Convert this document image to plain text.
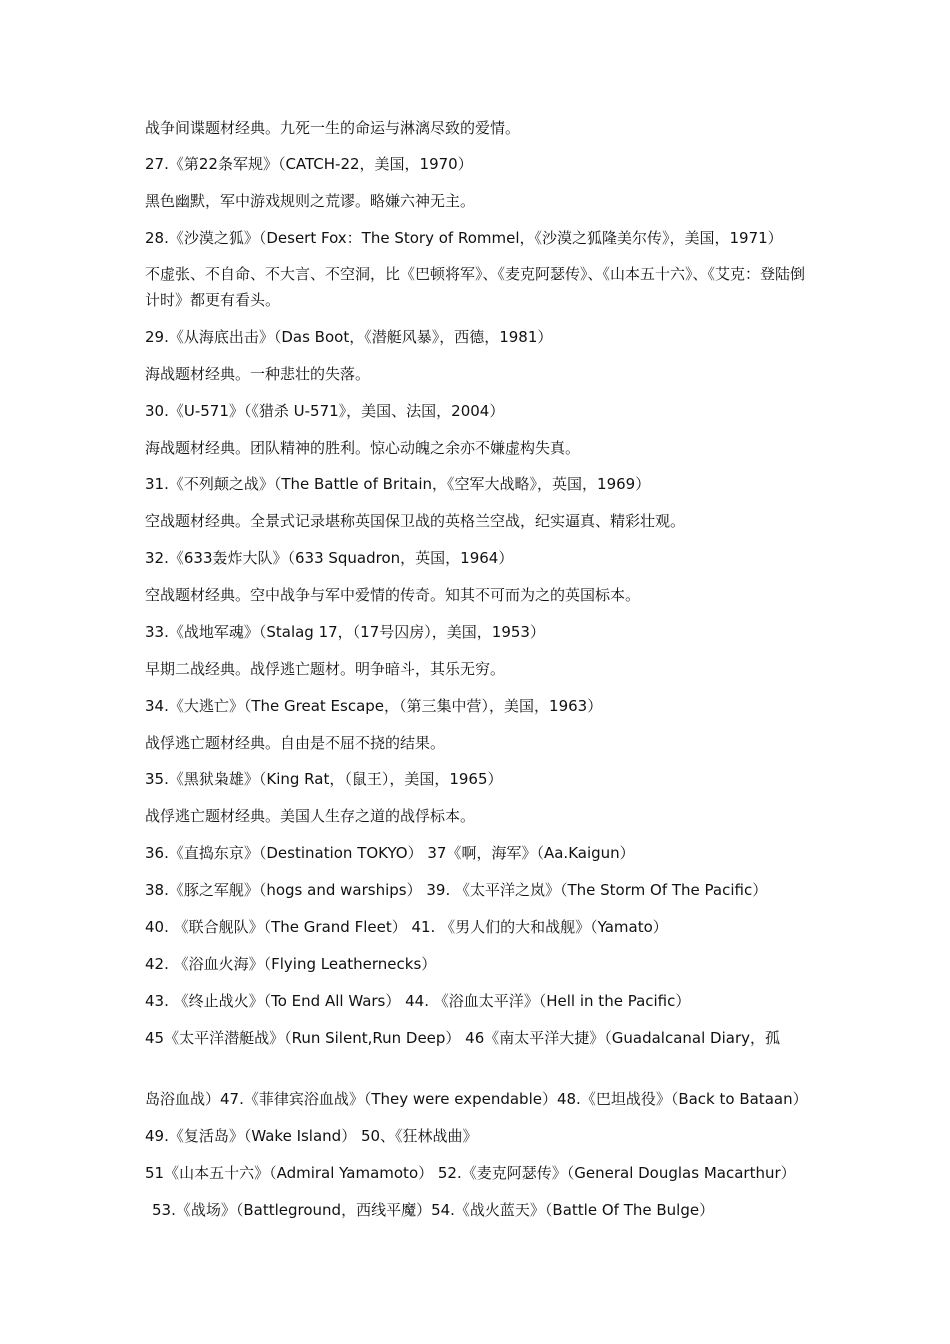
战争间谍题材经典。九死一生的命运与淋漓尽致的爱情。
27.《第22条军规》（CATCH-22，美国，1970）
黑色幽默，军中游戏规则之荒谬。略嫌六神无主。
28.《沙漠之狐》（Desert Fox：The Story of Rommel，《沙漠之狐隆美尔传》，美国，1971）
不虚张、不自命、不大言、不空洞，比《巴顿将军》、《麦克阿瑟传》、《山本五十六》、《艾克：登陆倒计时》都更有看头。
29.《从海底出击》（Das Boot，《潜艇风暴》，西德，1981）
海战题材经典。一种悲壮的失落。
30.《U-571》（《猎杀 U-571》，美国、法国，2004）
海战题材经典。团队精神的胜利。惊心动魄之余亦不嫌虚构失真。
31.《不列颠之战》（The Battle of Britain，《空军大战略》，英国，1969）
空战题材经典。全景式记录堪称英国保卫战的英格兰空战，纪实逼真、精彩壮观。
32.《633轰炸大队》（633 Squadron，英国，1964）
空战题材经典。空中战争与军中爱情的传奇。知其不可而为之的英国标本。
33.《战地军魂》（Stalag 17，（17号囚房），美国，1953）
早期二战经典。战俘逃亡题材。明争暗斗，其乐无穷。
34.《大逃亡》（The Great Escape，（第三集中营），美国，1963）
战俘逃亡题材经典。自由是不屈不挠的结果。
35.《黑狱枭雄》（King Rat，（鼠王），美国，1965）
战俘逃亡题材经典。美国人生存之道的战俘标本。
36.《直捣东京》（Destination TOKYO） 37《啊，海军》（Aa.Kaigun）
38.《豚之军舰》（hogs and warships） 39. 《太平洋之岚》（The Storm Of The Pacific）
40. 《联合舰队》（The Grand Fleet） 41. 《男人们的大和战舰》（Yamato）
42. 《浴血火海》（Flying Leathernecks）
43. 《终止战火》（To End All Wars） 44. 《浴血太平洋》（Hell in the Pacific）
45《太平洋潜艇战》（Run Silent,Run Deep） 46《南太平洋大捷》（Guadalcanal Diary，孤
岛浴血战）47.《菲律宾浴血战》（They were expendable）48.《巴坦战役》（Back to Bataan）
49.《复活岛》（Wake Island） 50、《狂林战曲》
51《山本五十六》（Admiral Yamamoto） 52.《麦克阿瑟传》（General Douglas Macarthur）
53.《战场》（Battleground，西线平魔）54.《战火蓝天》（Battle Of The Bulge）
